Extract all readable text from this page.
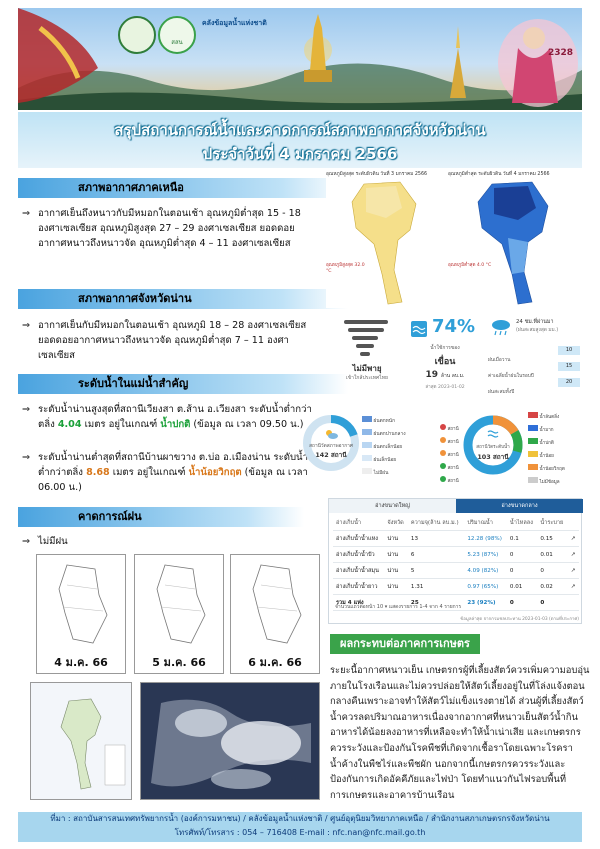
สสน
คลังข้อมูลน้ำแห่งชาติ
2328
สรุปสถานการณ์น้ำและคาดการณ์สภาพอากาศจังหวัดน่าน
ประจำวันที่ 4 มกราคม 2566
สภาพอากาศภาคเหนือ
⇒ อากาศเย็นถึงหนาวกับมีหมอกในตอนเช้า อุณหภูมิต่ำสุด 15 - 18 องศาเซลเซียส อุณหภูมิสูงสุด 27 – 29 องศาเซลเซียส ยอดดอยอากาศหนาวถึงหนาวจัด อุณหภูมิต่ำสุด 4 – 11 องศาเซลเซียส
สภาพอากาศจังหวัดน่าน
⇒ อากาศเย็นกับมีหมอกในตอนเช้า อุณหภูมิ 18 – 28 องศาเซลเซียส ยอดดอยอากาศหนาวถึงหนาวจัด อุณหภูมิต่ำสุด 7 – 11 องศาเซลเซียส
ระดับน้ำในแม่น้ำสำคัญ
⇒ ระดับน้ำน่านสูงสุดที่สถานีเวียงสา ต.ส้าน อ.เวียงสา ระดับน้ำต่ำกว่าตลิ่ง 4.04 เมตร อยู่ในเกณฑ์ น้ำปกติ (ข้อมูล ณ เวลา 09.50 น.)
⇒ ระดับน้ำน่านต่ำสุดที่สถานีบ้านผาขวาง ต.บ่อ อ.เมืองน่าน ระดับน้ำต่ำกว่าตลิ่ง 8.68 เมตร อยู่ในเกณฑ์ น้ำน้อยวิกฤต (ข้อมูล ณ เวลา 06.00 น.)
คาดการณ์ฝน
⇒ ไม่มีฝน
4 ม.ค. 66	5 ม.ค. 66	6 ม.ค. 66
อุณหภูมิสูงสุด ระดับผิวดิน วันที่ 3 มกราคม 2566
อุณหภูมิสูงสุด 32.0 °C
อุณหภูมิต่ำสุด ระดับผิวดิน วันที่ 4 มกราคม 2566
อุณหภูมิต่ำสุด 4.0 °C
ไม่มีพายุ
เข้าใกล้ประเทศไทย
74%
น้ำใช้การของ
เขื่อน
19 ล้าน ลบ.ม.
ล่าสุด 2023-01-02
24 ชม.ที่ผ่านมา
(ฝนสะสมสูงสุด มม.)
ฝนเมื่อวาน
10
ค่าเฉลี่ยน้ำฝนในรอบปี
15
ฝนสะสมทั้งปี
20
สถานีวัดสภาพอากาศ
142 สถานี
ฝนตกหนัก
ฝนตกปานกลาง
ฝนตกเล็กน้อย
ฝนเล็กน้อย
ไม่มีฝน
สถานี
สถานี
สถานี
สถานี
สถานี
สถานีวัดระดับน้ำ
103 สถานี
น้ำล้นตลิ่ง
น้ำมาก
น้ำปกติ
น้ำน้อย
น้ำน้อยวิกฤต
ไม่มีข้อมูล
อ่างขนาดใหญ่	อ่างขนาดกลาง
อ่างเก็บน้ำ	จังหวัด	ความจุ(ล้าน ลบ.ม.)	ปริมาณน้ำ	น้ำไหลลง	น้ำระบาย	
อ่างเก็บน้ำน้ำแหง	น่าน	13	12.28 (98%)	0.1	0.15	↗
อ่างเก็บน้ำน้ำปัว	น่าน	6	5.23 (87%)	0	0.01	↗
อ่างเก็บน้ำน้ำสมุน	น่าน	5	4.09 (82%)	0	0	↗
อ่างเก็บน้ำน้ำยาว	น่าน	1.31	0.97 (65%)	0.01	0.02	↗
รวม 4 แห่ง		25	23 (92%)	0	0	
จำนวนแถวต่อหน้า 10 ▾ แสดงรายการ 1-4 จาก 4 รายการ
ข้อมูลล่าสุด จากกรมชลประทาน 2023-01-03 (ตามที่ประกาศ)
ผลกระทบต่อภาคการเกษตร
ระยะนี้อากาศหนาวเย็น เกษตรกรผู้ที่เลี้ยงสัตว์ควรเพิ่มความอบอุ่นภายในโรงเรือนและไม่ควรปล่อยให้สัตว์เลี้ยงอยู่ในที่โล่งแจ้งตอนกลางคืนเพราะอาจทำให้สัตว์ไม่แข็งแรงตายได้ ส่วนผู้ที่เลี้ยงสัตว์น้ำควรลดปริมาณอาหารเนื่องจากอากาศที่หนาวเย็นสัตว์น้ำกินอาหารได้น้อยลงอาหารที่เหลือจะทำให้น้ำเน่าเสีย และเกษตรกรควรระวังและป้องกันโรคพืชที่เกิดจากเชื้อราโดยเฉพาะโรคราน้ำค้างในพืชไร่และพืชผัก นอกจากนี้เกษตรกรควรระวังและป้องกันการเกิดอัคคีภัยและไฟป่า โดยทำแนวกันไฟรอบพื้นที่การเกษตรและอาคารบ้านเรือน
ที่มา : สถาบันสารสนเทศทรัพยากรน้ำ (องค์การมหาชน) / คลังข้อมูลน้ำแห่งชาติ / ศูนย์อุตุนิยมวิทยาภาคเหนือ / สำนักงานสภาเกษตรกรจังหวัดน่าน
โทรศัพท์/โทรสาร : 054 – 716408 E-mail : nfc.nan@nfc.mail.go.th
